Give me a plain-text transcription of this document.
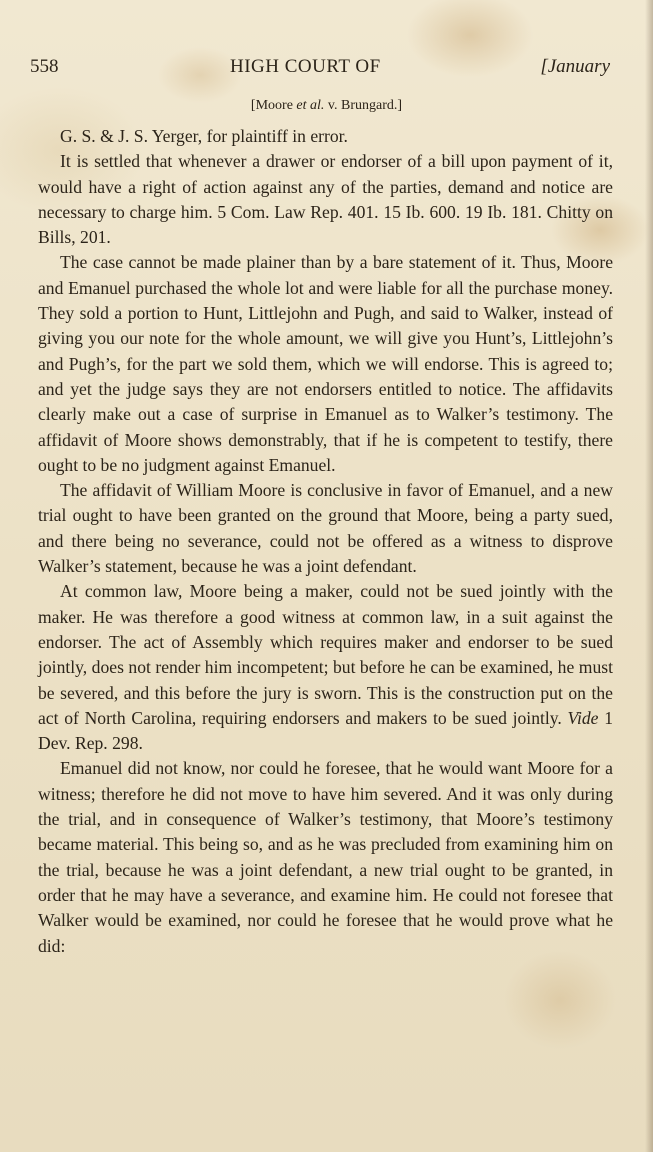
558	HIGH COURT OF	[January
[Moore et al. v. Brungard.]

G. S. & J. S. Yerger, for plaintiff in error.

It is settled that whenever a drawer or endorser of a bill upon payment of it, would have a right of action against any of the parties, demand and notice are necessary to charge him. 5 Com. Law Rep. 401. 15 Ib. 600. 19 Ib. 181. Chitty on Bills, 201.

The case cannot be made plainer than by a bare statement of it. Thus, Moore and Emanuel purchased the whole lot and were liable for all the purchase money. They sold a portion to Hunt, Littlejohn and Pugh, and said to Walker, instead of giving you our note for the whole amount, we will give you Hunt’s, Littlejohn’s and Pugh’s, for the part we sold them, which we will endorse. This is agreed to; and yet the judge says they are not endorsers entitled to notice. The affidavits clearly make out a case of surprise in Emanuel as to Walker’s testimony. The affidavit of Moore shows demonstrably, that if he is competent to testify, there ought to be no judgment against Emanuel.

The affidavit of William Moore is conclusive in favor of Emanuel, and a new trial ought to have been granted on the ground that Moore, being a party sued, and there being no severance, could not be offered as a witness to disprove Walker’s statement, because he was a joint defendant.

At common law, Moore being a maker, could not be sued jointly with the maker. He was therefore a good witness at common law, in a suit against the endorser. The act of Assembly which requires maker and endorser to be sued jointly, does not render him incompetent; but before he can be examined, he must be severed, and this before the jury is sworn. This is the construction put on the act of North Carolina, requiring endorsers and makers to be sued jointly. Vide 1 Dev. Rep. 298.

Emanuel did not know, nor could he foresee, that he would want Moore for a witness; therefore he did not move to have him severed. And it was only during the trial, and in consequence of Walker’s testimony, that Moore’s testimony became material. This being so, and as he was precluded from examining him on the trial, because he was a joint defendant, a new trial ought to be granted, in order that he may have a severance, and examine him. He could not foresee that Walker would be examined, nor could he foresee that he would prove what he did:
